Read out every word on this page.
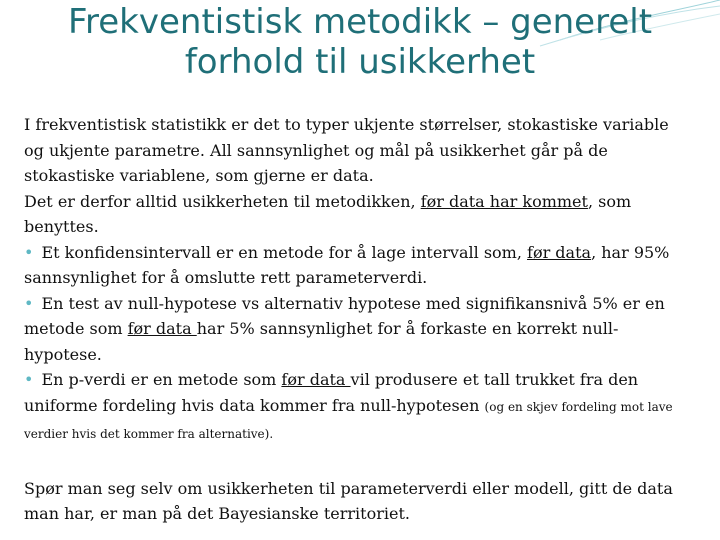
Frekventistisk metodikk – generelt
forhold til usikkerhet

I frekventistisk statistikk er det to typer ukjente størrelser, stokastiske variable og ukjente parametre. All sannsynlighet og mål på usikkerhet går på de stokastiske variablene, som gjerne er data.

Det er derfor alltid usikkerheten til metodikken, før data har kommet, som benyttes.

• Et konfidensintervall er en metode for å lage intervall som, før data, har 95% sannsynlighet for å omslutte rett parameterverdi.

• En test av null-hypotese vs alternativ hypotese med signifikansnivå 5% er en metode som før data har 5% sannsynlighet for å forkaste en korrekt null-hypotese.

• En p-verdi er en metode som før data vil produsere et tall trukket fra den uniforme fordeling hvis data kommer fra null-hypotesen (og en skjev fordeling mot lave verdier hvis det kommer fra alternative).

Spør man seg selv om usikkerheten til parameterverdi eller modell, gitt de data man har, er man på det Bayesianske territoriet.
